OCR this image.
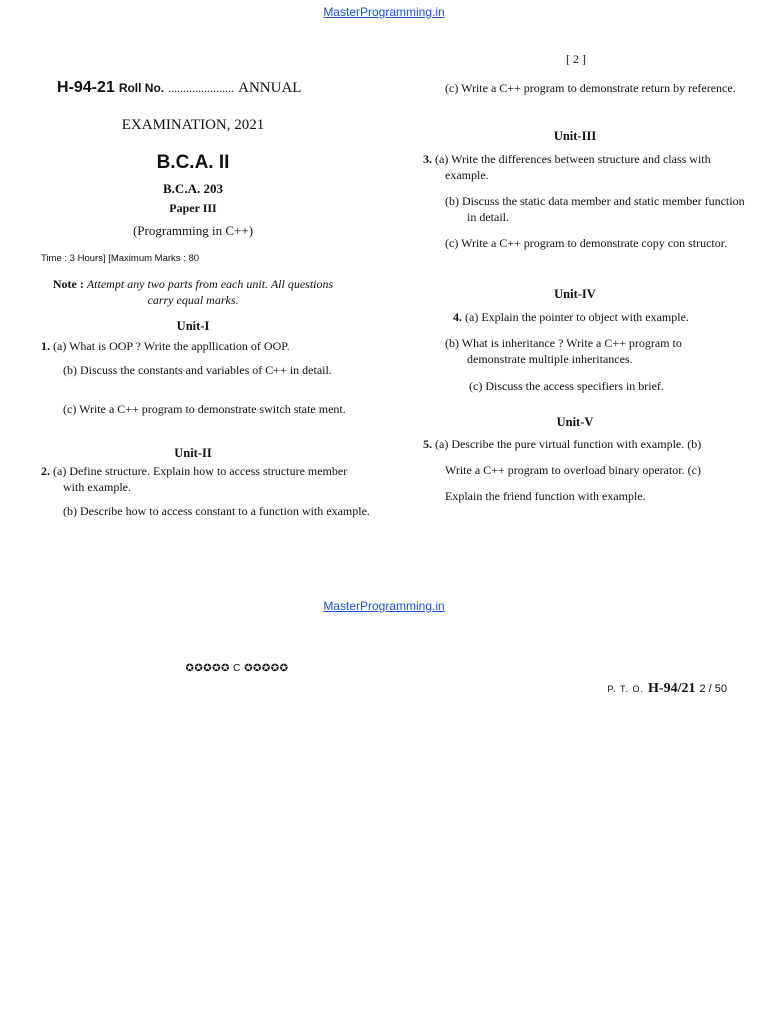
MasterProgramming.in
H-94-21 Roll No. ...................... ANNUAL
EXAMINATION, 2021
B.C.A. II
B.C.A. 203
Paper III
(Programming in C++)
Time : 3 Hours] [Maximum Marks : 80
Note : Attempt any two parts from each unit. All questions carry equal marks.
Unit-I
1. (a) What is OOP ? Write the appllication of OOP.
(b) Discuss the constants and variables of C++ in detail.
(c) Write a C++ program to demonstrate switch state ment.
Unit-II
2. (a) Define structure. Explain how to access structure member with example.
(b) Describe how to access constant to a function with example.
[ 2 ]
(c) Write a C++ program to demonstrate return by reference.
Unit-III
3. (a) Write the differences between structure and class with example.
(b) Discuss the static data member and static member function in detail.
(c) Write a C++ program to demonstrate copy con structor.
Unit-IV
4. (a) Explain the pointer to object with example.
(b) What is inheritance ? Write a C++ program to demonstrate multiple inheritances.
(c) Discuss the access specifiers in brief.
Unit-V
5. (a) Describe the pure virtual function with example. (b)
Write a C++ program to overload binary operator. (c)
Explain the friend function with example.
MasterProgramming.in
✪✪✪✪✪ C ✪✪✪✪✪
P. T. O. H-94/21 2 / 50
